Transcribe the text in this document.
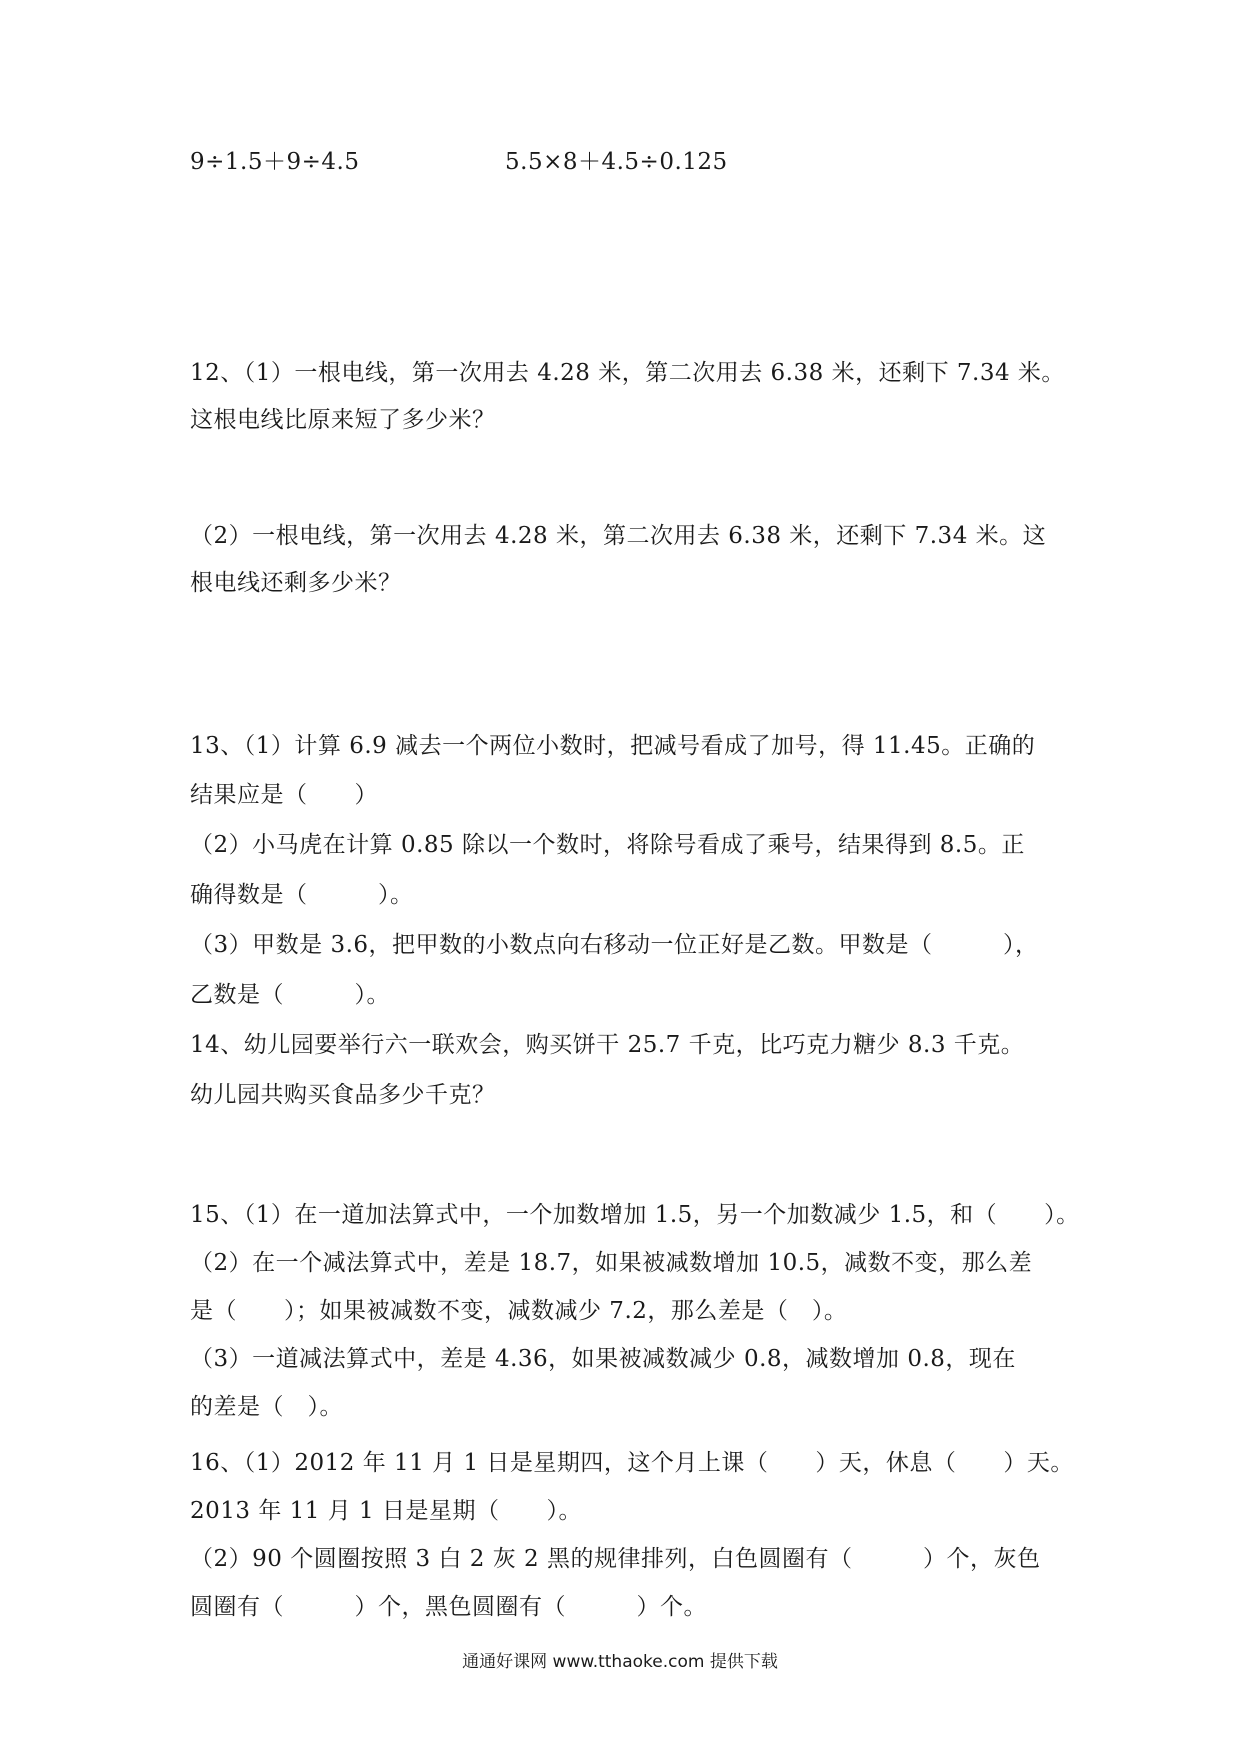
9÷1.5＋9÷4.5	5.5×8＋4.5÷0.125
12、（1）一根电线，第一次用去 4.28 米，第二次用去 6.38 米，还剩下 7.34 米。
这根电线比原来短了多少米？
（2）一根电线，第一次用去 4.28 米，第二次用去 6.38 米，还剩下 7.34 米。这
根电线还剩多少米？
13、（1）计算 6.9 减去一个两位小数时，把减号看成了加号，得 11.45。正确的
结果应是（　　）
（2）小马虎在计算 0.85 除以一个数时，将除号看成了乘号，结果得到 8.5。正
确得数是（　　　）。
（3）甲数是 3.6，把甲数的小数点向右移动一位正好是乙数。甲数是（　　　），
乙数是（　　　）。
14、幼儿园要举行六一联欢会，购买饼干 25.7 千克，比巧克力糖少 8.3 千克。
幼儿园共购买食品多少千克？
15、（1）在一道加法算式中，一个加数增加 1.5，另一个加数减少 1.5，和（　　）。
（2）在一个减法算式中，差是 18.7，如果被减数增加 10.5，减数不变，那么差
是（　　）；如果被减数不变，减数减少 7.2，那么差是（　）。
（3）一道减法算式中，差是 4.36，如果被减数减少 0.8，减数增加 0.8，现在
的差是（　）。
16、（1）2012 年 11 月 1 日是星期四，这个月上课（　　）天，休息（　　）天。
2013 年 11 月 1 日是星期（　　）。
（2）90 个圆圈按照 3 白 2 灰 2 黑的规律排列，白色圆圈有（　　　）个，灰色
圆圈有（　　　）个，黑色圆圈有（　　　）个。
通通好课网 www.tthaoke.com 提供下载
